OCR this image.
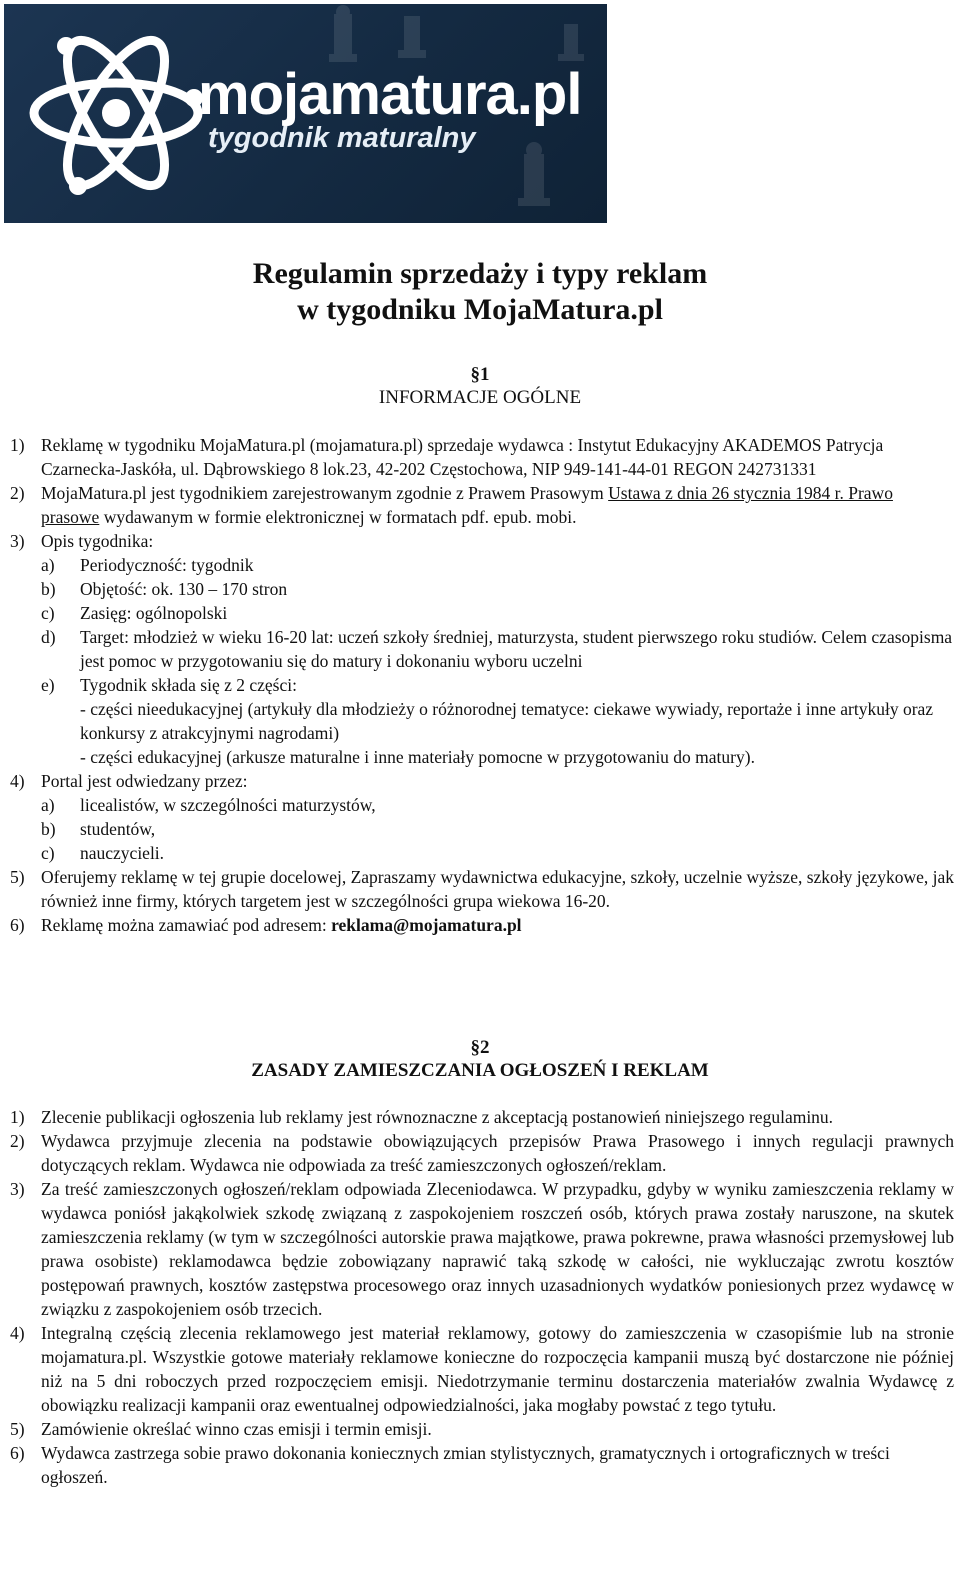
mojamatura.pl
tygodnik maturalny
Regulamin sprzedaży i typy reklam
w tygodniku MojaMatura.pl
§1
INFORMACJE OGÓLNE
1) Reklamę w tygodniku MojaMatura.pl (mojamatura.pl) sprzedaje wydawca : Instytut Edukacyjny AKADEMOS Patrycja Czarnecka-Jaskóła, ul. Dąbrowskiego 8 lok.23, 42-202 Częstochowa, NIP 949-141-44-01 REGON 242731331
2) MojaMatura.pl jest tygodnikiem zarejestrowanym zgodnie z Prawem Prasowym Ustawa z dnia 26 stycznia 1984 r. Prawo prasowe wydawanym w formie elektronicznej w formatach pdf. epub. mobi.
3) Opis tygodnika:
a) Periodyczność: tygodnik
b) Objętość: ok. 130 – 170 stron
c) Zasięg: ogólnopolski
d) Target: młodzież w wieku 16-20 lat: uczeń szkoły średniej, maturzysta, student pierwszego roku studiów. Celem czasopisma jest pomoc w przygotowaniu się do matury i dokonaniu wyboru uczelni
e) Tygodnik składa się z 2 części:
- części nieedukacyjnej (artykuły dla młodzieży o różnorodnej tematyce: ciekawe wywiady, reportaże i inne artykuły oraz konkursy z atrakcyjnymi nagrodami)
- części edukacyjnej (arkusze maturalne i inne materiały pomocne w przygotowaniu do matury).
4) Portal jest odwiedzany przez:
a) licealistów, w szczególności maturzystów,
b) studentów,
c) nauczycieli.
5) Oferujemy reklamę w tej grupie docelowej, Zapraszamy wydawnictwa edukacyjne, szkoły, uczelnie wyższe, szkoły językowe, jak również inne firmy, których targetem jest w szczególności grupa wiekowa 16-20.
6) Reklamę można zamawiać pod adresem: reklama@mojamatura.pl
§2
ZASADY ZAMIESZCZANIA OGŁOSZEŃ I REKLAM
1) Zlecenie publikacji ogłoszenia lub reklamy jest równoznaczne z akceptacją postanowień niniejszego regulaminu.
2) Wydawca przyjmuje zlecenia na podstawie obowiązujących przepisów Prawa Prasowego i innych regulacji prawnych dotyczących reklam. Wydawca nie odpowiada za treść zamieszczonych ogłoszeń/reklam.
3) Za treść zamieszczonych ogłoszeń/reklam odpowiada Zleceniodawca. W przypadku, gdyby w wyniku zamieszczenia reklamy w wydawca poniósł jakąkolwiek szkodę związaną z zaspokojeniem roszczeń osób, których prawa zostały naruszone, na skutek zamieszczenia reklamy (w tym w szczególności autorskie prawa majątkowe, prawa pokrewne, prawa własności przemysłowej lub prawa osobiste) reklamodawca będzie zobowiązany naprawić taką szkodę w całości, nie wykluczając zwrotu kosztów postępowań prawnych, kosztów zastępstwa procesowego oraz innych uzasadnionych wydatków poniesionych przez wydawcę w związku z zaspokojeniem osób trzecich.
4) Integralną częścią zlecenia reklamowego jest materiał reklamowy, gotowy do zamieszczenia w czasopiśmie lub na stronie mojamatura.pl. Wszystkie gotowe materiały reklamowe konieczne do rozpoczęcia kampanii muszą być dostarczone nie później niż na 5 dni roboczych przed rozpoczęciem emisji. Niedotrzymanie terminu dostarczenia materiałów zwalnia Wydawcę z obowiązku realizacji kampanii oraz ewentualnej odpowiedzialności, jaka mogłaby powstać z tego tytułu.
5) Zamówienie określać winno czas emisji i termin emisji.
6) Wydawca zastrzega sobie prawo dokonania koniecznych zmian stylistycznych, gramatycznych i ortograficznych w treści ogłoszeń.
